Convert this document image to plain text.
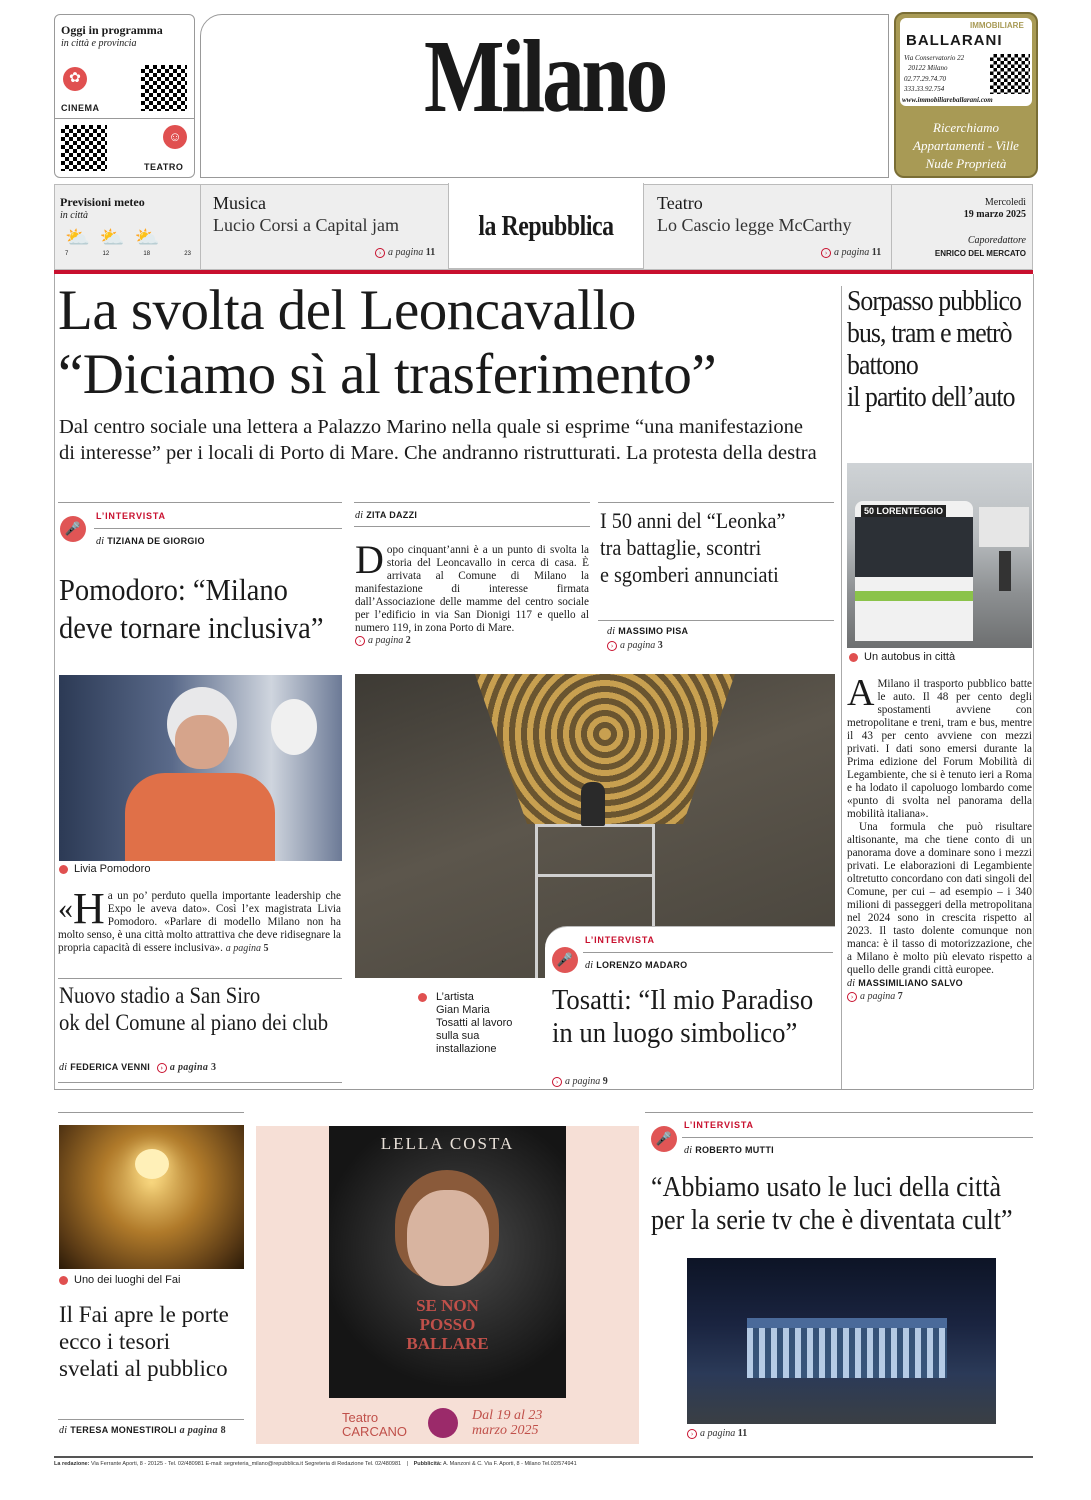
Oggi in programma
in città e provincia
✿
CINEMA
☺
TEATRO
Milano	IMMOBILIARE
BALLARANI
Via Conservatorio 22
20122 Milano
02.77.29.74.70
333.33.92.754
www.immobiliareballarani.com
Ricerchiamo
Appartamenti - Ville
Nude Proprietà
Previsioni meteo
in città
⛅ ⛅ ⛅
7	12	18	23
Musica
Lucio Corsi a Capital jam
› a pagina 11
la Repubblica
Teatro
Lo Cascio legge McCarthy
› a pagina 11
Mercoledì
19 marzo 2025
Caporedattore
ENRICO DEL MERCATO
La svolta del Leoncavallo
“Diciamo sì al trasferimento”
Dal centro sociale una lettera a Palazzo Marino nella quale si esprime “una manifestazione
di interesse” per i locali di Porto di Mare. Che andranno ristrutturati. La protesta della destra
Sorpasso pubblico
bus, tram e metrò
battono
il partito dell’auto
50 LORENTEGGIO
Un autobus in città
A Milano il trasporto pubblico batte le auto. Il 48 per cento degli spostamenti avviene con metropolitane e treni, tram e bus, mentre il 43 per cento avviene con mezzi privati. I dati sono emersi durante la Prima edizione del Forum Mobilità di Legambiente, che si è tenuto ieri a Roma e ha lodato il capoluogo lombardo come «punto di svolta nel panorama della mobilità italiana».
Una formula che può risultare altisonante, ma che tiene conto di un panorama dove a dominare sono i mezzi privati. Le elaborazioni di Legambiente oltretutto concordano con dati singoli del Comune, per cui – ad esempio – i 340 milioni di passeggeri della metropolitana nel 2024 sono in crescita rispetto al 2023. Il tasto dolente comunque non manca: è il tasso di motorizzazione, che a Milano è molto più elevato rispetto a quello delle grandi città europee.
di MASSIMILIANO SALVO
› a pagina 7
🎤
L’INTERVISTA
di TIZIANA DE GIORGIO
Pomodoro: “Milano
deve tornare inclusiva”
Livia Pomodoro
« H a un po’ perduto quella importante leadership che Expo le aveva dato». Così l’ex magistrata Livia Pomodoro. «Parlare di modello Milano non ha molto senso, è una città molto attrattiva che deve ridisegnare la propria capacità di essere inclusiva». a pagina 5
Nuovo stadio a San Siro
ok del Comune al piano dei club
di FEDERICA VENNI › a pagina 3
di ZITA DAZZI
D opo cinquant’anni è a un punto di svolta la storia del Leoncavallo in cerca di casa. È arrivata al Comune di Milano la manifestazione di interesse firmata dall’Associazione delle mamme del centro sociale per l’edificio in via San Dionigi 117 e quello al numero 119, in zona Porto di Mare.
› a pagina 2
I 50 anni del “Leonka”
tra battaglie, scontri
e sgomberi annunciati
di MASSIMO PISA
› a pagina 3
🎤
L’INTERVISTA
di LORENZO MADARO
Tosatti: “Il mio Paradiso
in un luogo simbolico”
› a pagina 9
L’artista
Gian Maria
Tosatti al lavoro
sulla sua
installazione
Uno dei luoghi del Fai
Il Fai apre le porte
ecco i tesori
svelati al pubblico
di TERESA MONESTIROLI a pagina 8
LELLA COSTA
SE NON
POSSO
BALLARE
Teatro
CARCANO
Dal 19 al 23
marzo 2025
🎤
L’INTERVISTA
di ROBERTO MUTTI
“Abbiamo usato le luci della città
per la serie tv che è diventata cult”
› a pagina 11
La redazione: Via Ferrante Aporti, 8 - 20125 - Tel. 02/480981 E-mail: segreteria_milano@repubblica.it Segreteria di Redazione Tel. 02/480981 | Pubblicità: A. Manzoni & C. Via F. Aporti, 8 - Milano Tel.02/574941
